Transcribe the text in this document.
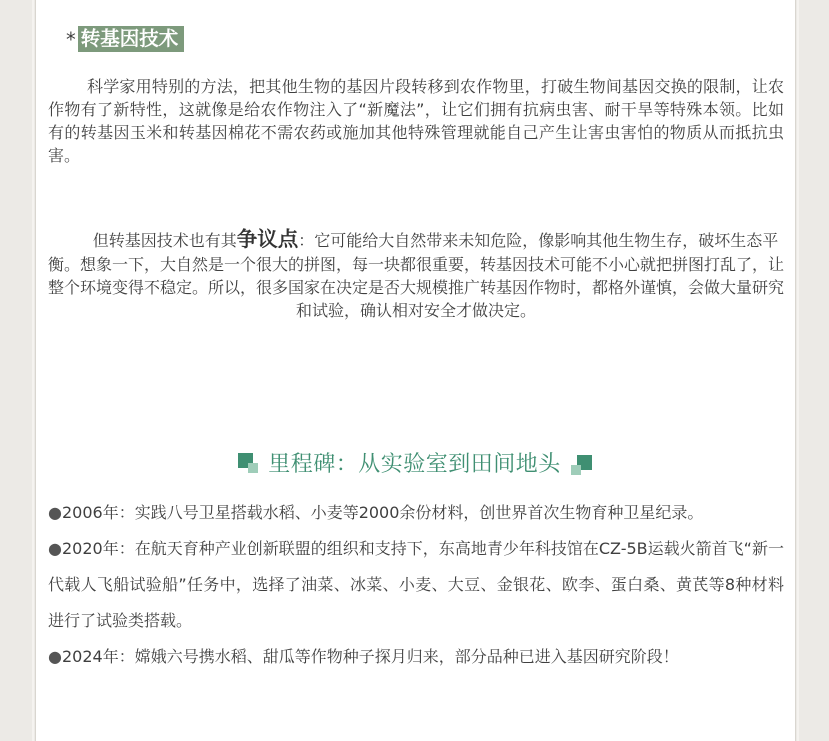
* 转基因技术

科学家用特别的方法，把其他生物的基因片段转移到农作物里，打破生物间基因交换的限制，让农作物有了新特性，这就像是给农作物注入了“新魔法”，让它们拥有抗病虫害、耐干旱等特殊本领。比如有的转基因玉米和转基因棉花不需农药或施加其他特殊管理就能自己产生让害虫害怕的物质从而抵抗虫害。

但转基因技术也有其争议点：它可能给大自然带来未知危险，像影响其他生物生存，破坏生态平衡。想象一下，大自然是一个很大的拼图，每一块都很重要，转基因技术可能不小心就把拼图打乱了，让整个环境变得不稳定。所以，很多国家在决定是否大规模推广转基因作物时，都格外谨慎，会做大量研究和试验，确认相对安全才做决定。

里程碑：从实验室到田间地头
●2006年：实践八号卫星搭载水稻、小麦等2000余份材料，创世界首次生物育种卫星纪录。
●2020年：在航天育种产业创新联盟的组织和支持下，东高地青少年科技馆在CZ-5B运载火箭首飞“新一代载人飞船试验船”任务中，选择了油菜、冰菜、小麦、大豆、金银花、欧李、蛋白桑、黄芪等8种材料进行了试验类搭载。
●2024年：嫦娥六号携水稻、甜瓜等作物种子探月归来，部分品种已进入基因研究阶段！
